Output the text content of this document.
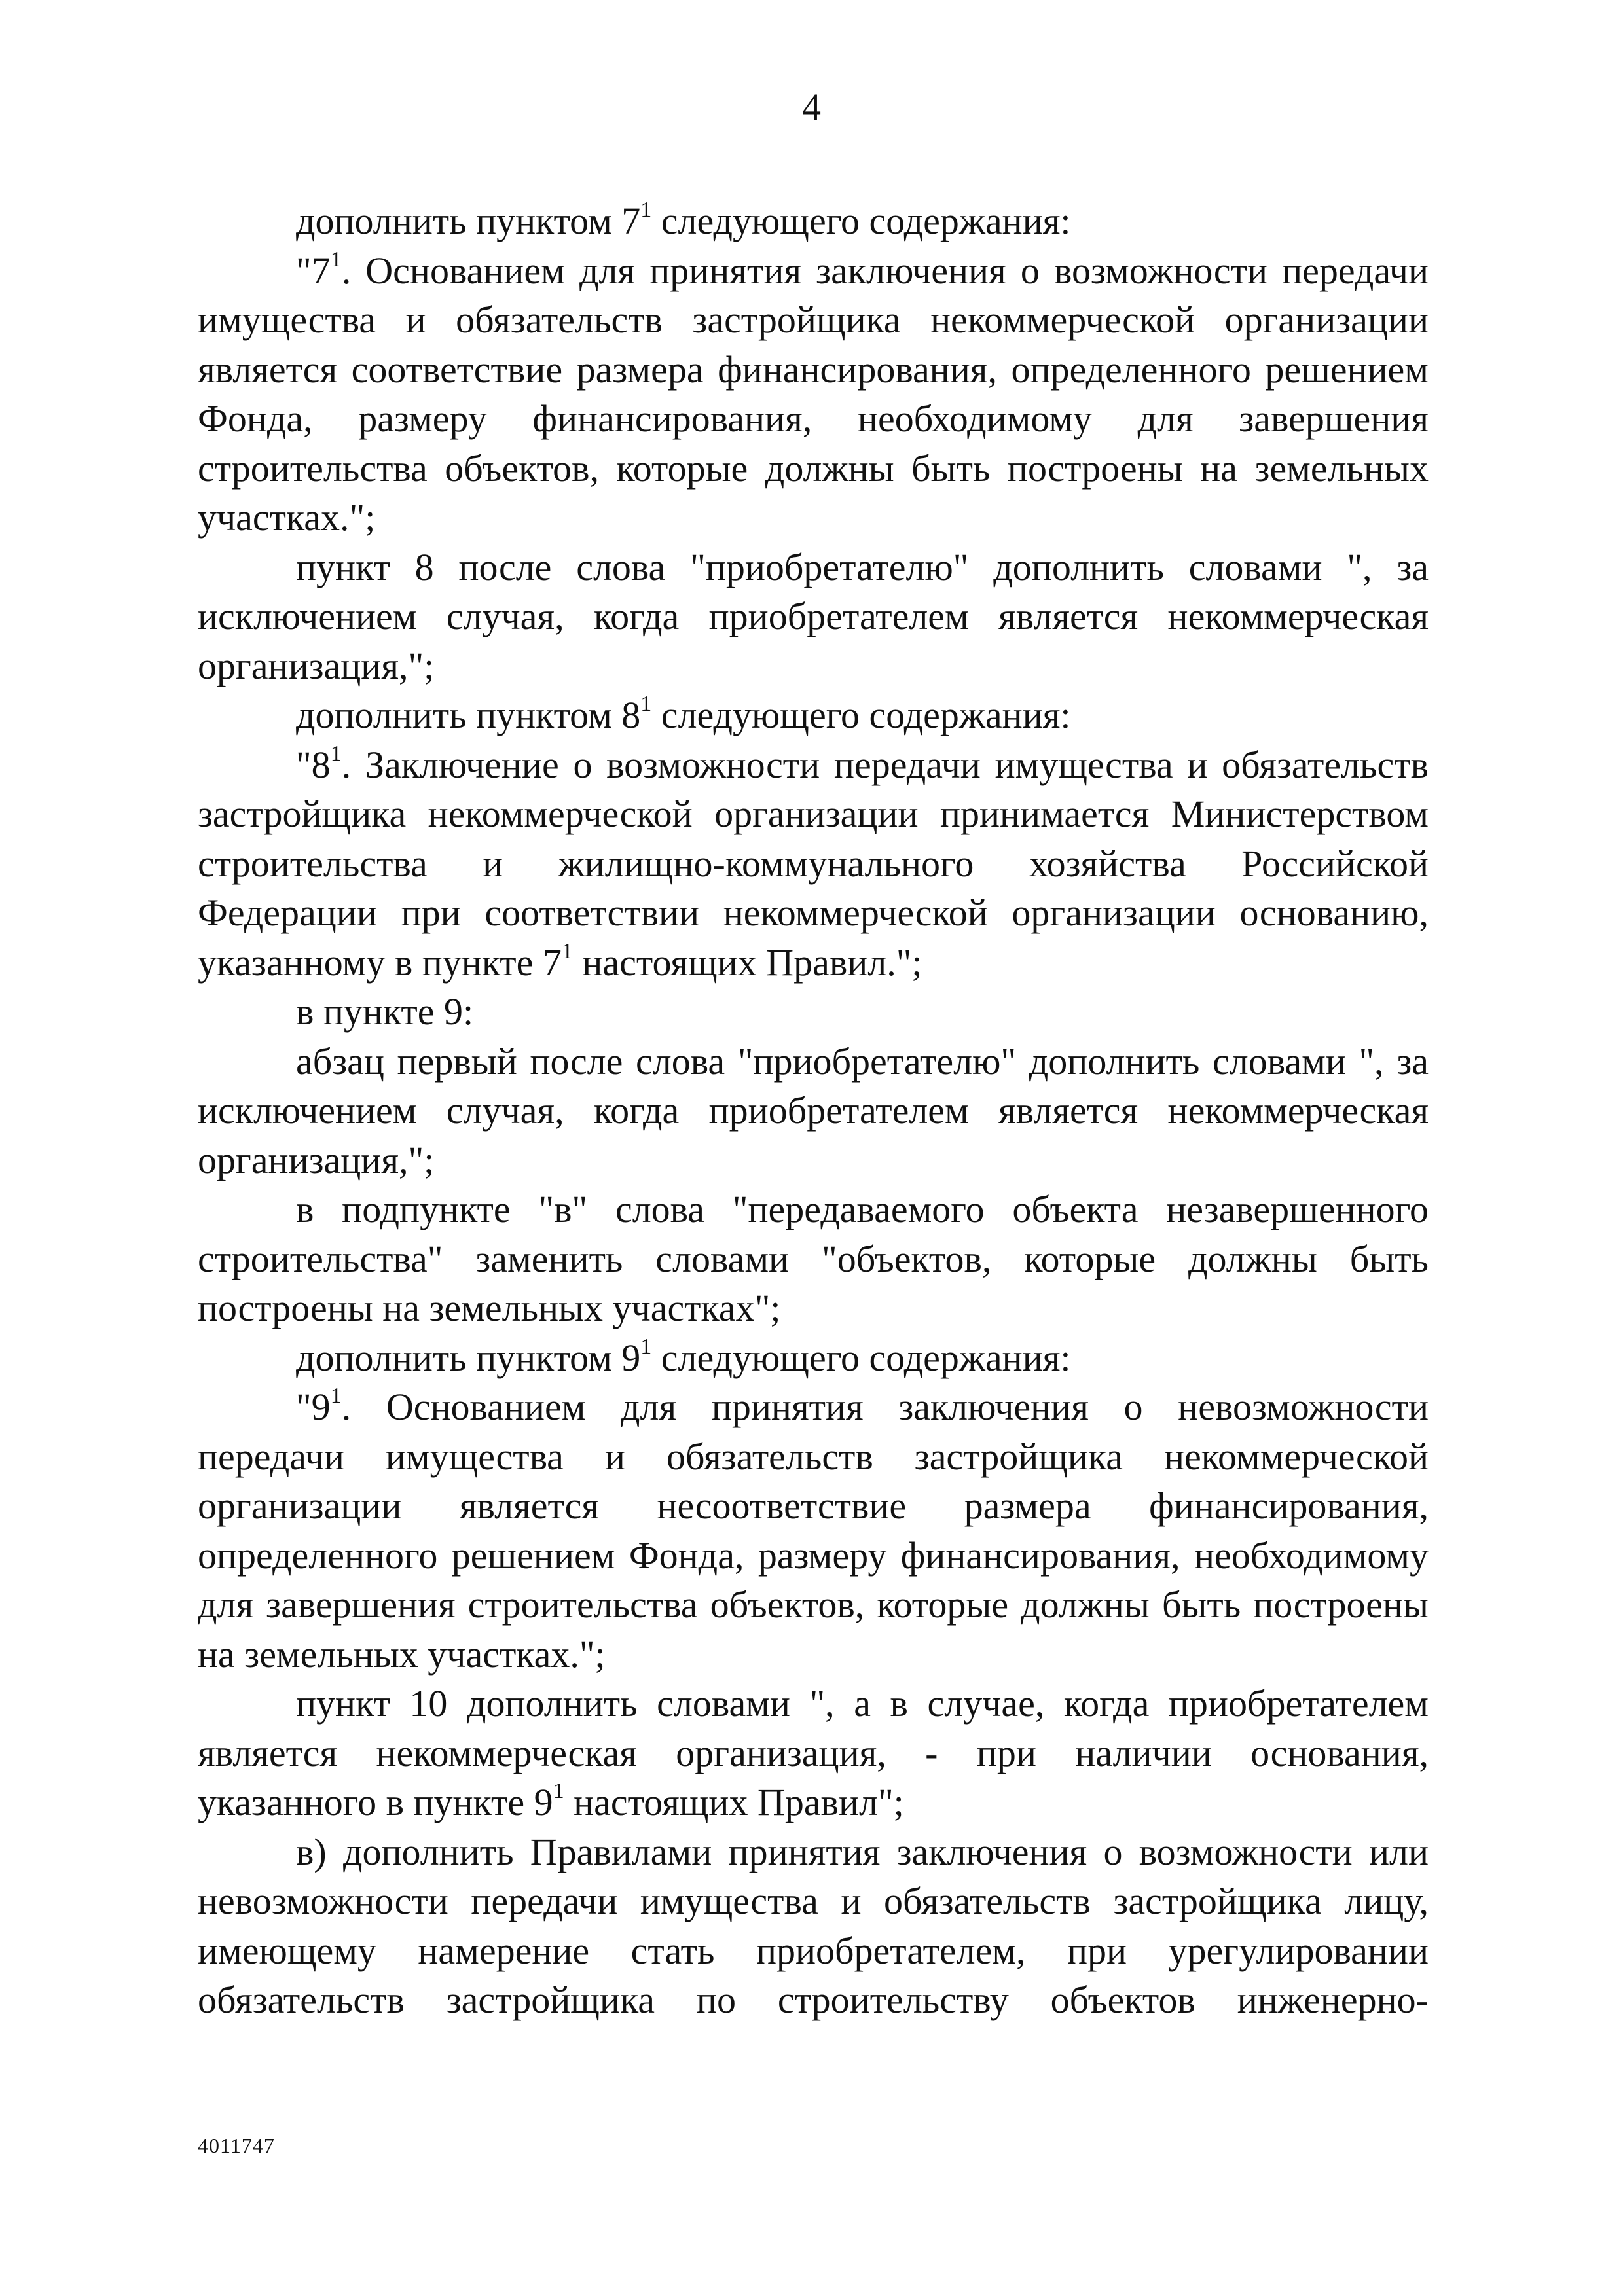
4

дополнить пунктом $7^1$ следующего содержания:

"$7^1$. Основанием для принятия заключения о возможности передачи имущества и обязательств застройщика некоммерческой организации является соответствие размера финансирования, определенного решением Фонда, размеру финансирования, необходимому для завершения строительства объектов, которые должны быть построены на земельных участках.";

пункт 8 после слова "приобретателю" дополнить словами ", за исключением случая, когда приобретателем является некоммерческая организация,";

дополнить пунктом $8^1$ следующего содержания:

"$8^1$. Заключение о возможности передачи имущества и обязательств застройщика некоммерческой организации принимается Министерством строительства и жилищно-коммунального хозяйства Российской Федерации при соответствии некоммерческой организации основанию, указанному в пункте $7^1$ настоящих Правил.";

в пункте 9:

абзац первый после слова "приобретателю" дополнить словами ", за исключением случая, когда приобретателем является некоммерческая организация,";

в подпункте "в" слова "передаваемого объекта незавершенного строительства" заменить словами "объектов, которые должны быть построены на земельных участках";

дополнить пунктом $9^1$ следующего содержания:

"$9^1$. Основанием для принятия заключения о невозможности передачи имущества и обязательств застройщика некоммерческой организации является несоответствие размера финансирования, определенного решением Фонда, размеру финансирования, необходимому для завершения строительства объектов, которые должны быть построены на земельных участках.";

пункт 10 дополнить словами ", а в случае, когда приобретателем является некоммерческая организация, - при наличии основания, указанного в пункте $9^1$ настоящих Правил";

в) дополнить Правилами принятия заключения о возможности или невозможности передачи имущества и обязательств застройщика лицу, имеющему намерение стать приобретателем, при урегулировании обязательств застройщика по строительству объектов инженерно-

4011747
